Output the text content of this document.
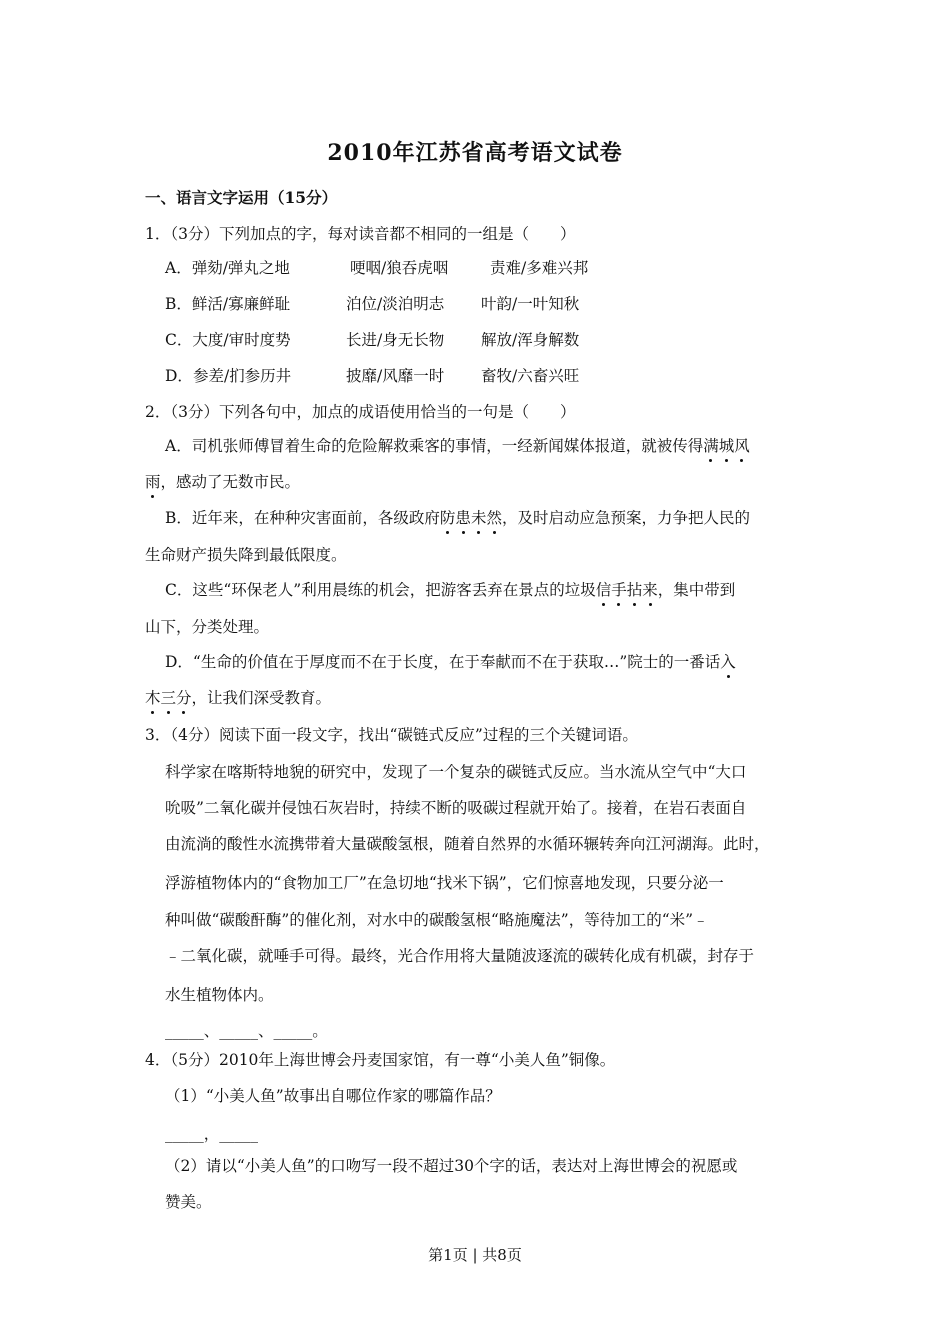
2010年江苏省高考语文试卷
一、语言文字运用（15分）
1．（3分）下列加点的字，每对读音都不相同的一组是（　　）
A．弹劾/弹丸之地	哽咽/狼吞虎咽	责难/多难兴邦
B．鲜活/寡廉鲜耻	泊位/淡泊明志 叶韵/一叶知秋
C．大度/审时度势	长进/身无长物 解放/浑身解数
D．参差/扪参历井	披靡/风靡一时 畜牧/六畜兴旺
2．（3分）下列各句中，加点的成语使用恰当的一句是（　　）
A．司机张师傅冒着生命的危险解救乘客的事情，一经新闻媒体报道，就被传得满城风
雨，感动了无数市民。
B．近年来，在种种灾害面前，各级政府防患未然，及时启动应急预案，力争把人民的
生命财产损失降到最低限度。
C．这些“环保老人”利用晨练的机会，把游客丢弃在景点的垃圾信手拈来，集中带到
山下，分类处理。
D．“生命的价值在于厚度而不在于长度，在于奉献而不在于获取…”院士的一番话入
木三分，让我们深受教育。
3．（4分）阅读下面一段文字，找出“碳链式反应”过程的三个关键词语。
科学家在喀斯特地貌的研究中，发现了一个复杂的碳链式反应。当水流从空气中“大口
吮吸”二氧化碳并侵蚀石灰岩时，持续不断的吸碳过程就开始了。接着，在岩石表面自
由流淌的酸性水流携带着大量碳酸氢根，随着自然界的水循环辗转奔向江河湖海。此时，
浮游植物体内的“食物加工厂”在急切地“找米下锅”，它们惊喜地发现，只要分泌一
种叫做“碳酸酐酶”的催化剂，对水中的碳酸氢根“略施魔法”，等待加工的“米”﹣
﹣二氧化碳，就唾手可得。最终，光合作用将大量随波逐流的碳转化成有机碳，封存于
水生植物体内。
_____、_____、_____。
4．（5分）2010年上海世博会丹麦国家馆，有一尊“小美人鱼”铜像。
（1）“小美人鱼”故事出自哪位作家的哪篇作品？
_____，_____
（2）请以“小美人鱼”的口吻写一段不超过30个字的话，表达对上海世博会的祝愿或
赞美。
第1页 | 共8页
